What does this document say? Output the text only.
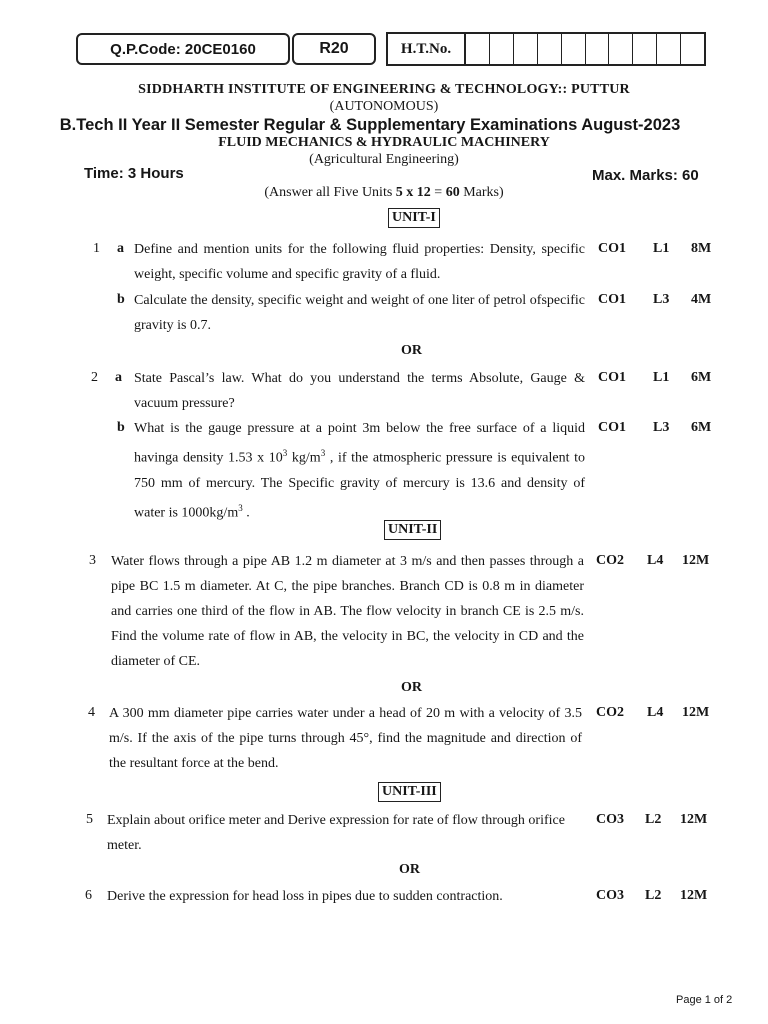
Q.P.Code: 20CE0160	R20	H.T.No.
SIDDHARTH INSTITUTE OF ENGINEERING & TECHNOLOGY:: PUTTUR
(AUTONOMOUS)
B.Tech II Year II Semester Regular & Supplementary Examinations August-2023
FLUID MECHANICS & HYDRAULIC MACHINERY
(Agricultural Engineering)
Time: 3 Hours	Max. Marks: 60
(Answer all Five Units 5 x 12 = 60 Marks)
UNIT-I
1 a Define and mention units for the following fluid properties: Density, specific weight, specific volume and specific gravity of a fluid.
CO1 L1 8M
b Calculate the density, specific weight and weight of one liter of petrol ofspecific gravity is 0.7.
CO1 L3 4M
OR
2 a State Pascal’s law. What do you understand the terms Absolute, Gauge & vacuum pressure?
CO1 L1 6M
b What is the gauge pressure at a point 3m below the free surface of a liquid havinga density 1.53 x $10^3$ $kg/m^3$ , if the atmospheric pressure is equivalent to 750 mm of mercury. The Specific gravity of mercury is 13.6 and density of water is $1000kg/m^3$ .
CO1 L3 6M
UNIT-II
3 Water flows through a pipe AB 1.2 m diameter at 3 m/s and then passes through a pipe BC 1.5 m diameter. At C, the pipe branches. Branch CD is 0.8 m in diameter and carries one third of the flow in AB. The flow velocity in branch CE is 2.5 m/s. Find the volume rate of flow in AB, the velocity in BC, the velocity in CD and the diameter of CE.
CO2 L4 12M
OR
4 A 300 mm diameter pipe carries water under a head of 20 m with a velocity of 3.5 m/s. If the axis of the pipe turns through 45°, find the magnitude and direction of the resultant force at the bend.
CO2 L4 12M
UNIT-III
5 Explain about orifice meter and Derive expression for rate of flow through orifice meter.
CO3 L2 12M
OR
6 Derive the expression for head loss in pipes due to sudden contraction.	CO3 L2 12M
Page 1 of 2
